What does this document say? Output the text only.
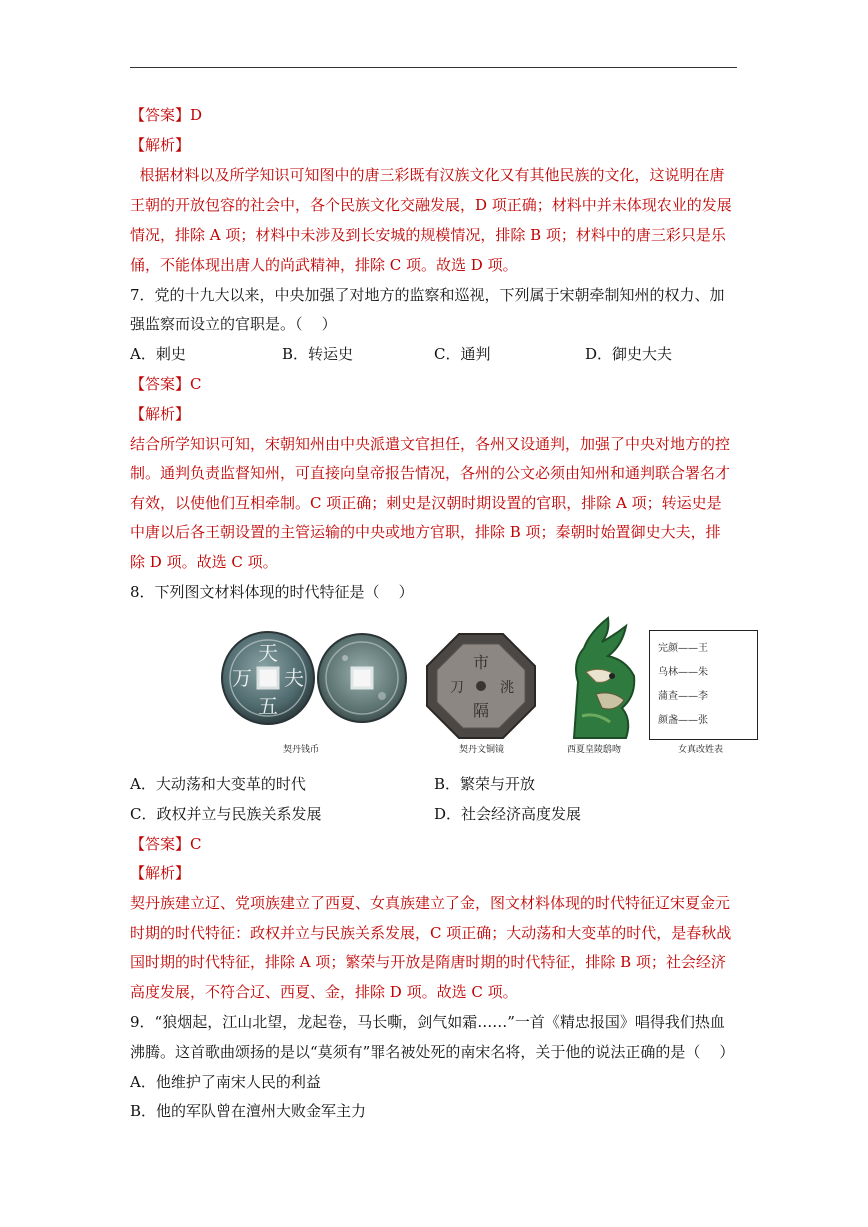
【答案】D
【解析】
根据材料以及所学知识可知图中的唐三彩既有汉族文化又有其他民族的文化，这说明在唐
王朝的开放包容的社会中，各个民族文化交融发展，D 项正确；材料中并未体现农业的发展
情况，排除 A 项；材料中未涉及到长安城的规模情况，排除 B 项；材料中的唐三彩只是乐
俑，不能体现出唐人的尚武精神，排除 C 项。故选 D 项。
7．党的十九大以来，中央加强了对地方的监察和巡视，下列属于宋朝牵制知州的权力、加
强监察而设立的官职是。（    ）
A．刺史	B．转运史	C．通判	D．御史大夫
【答案】C
【解析】
结合所学知识可知，宋朝知州由中央派遣文官担任，各州又设通判，加强了中央对地方的控
制。通判负责监督知州，可直接向皇帝报告情况，各州的公文必须由知州和通判联合署名才
有效，以使他们互相牵制。C 项正确；刺史是汉朝时期设置的官职，排除 A 项；转运史是
中唐以后各王朝设置的主管运输的中央或地方官职，排除 B 项；秦朝时始置御史大夫，排
除 D 项。故选 C 项。
8．下列图文材料体现的时代特征是（    ）
天
夫
万
五
契丹钱币
市
洮
刀
隔
契丹文铜镜	西夏皇陵鸱吻
完颜——王
乌林——朱
蒲查——李
颜盏——张
女真改姓表
A．大动荡和大变革的时代	B．繁荣与开放
C．政权并立与民族关系发展	D．社会经济高度发展
【答案】C
【解析】
契丹族建立辽、党项族建立了西夏、女真族建立了金，图文材料体现的时代特征辽宋夏金元
时期的时代特征：政权并立与民族关系发展，C 项正确；大动荡和大变革的时代，是春秋战
国时期的时代特征，排除 A 项；繁荣与开放是隋唐时期的时代特征，排除 B 项；社会经济
高度发展，不符合辽、西夏、金，排除 D 项。故选 C 项。
9．“狼烟起，江山北望，龙起卷，马长嘶，剑气如霜……”一首《精忠报国》唱得我们热血
沸腾。这首歌曲颂扬的是以“莫须有”罪名被处死的南宋名将，关于他的说法正确的是（    ）
A．他维护了南宋人民的利益
B．他的军队曾在澶州大败金军主力
